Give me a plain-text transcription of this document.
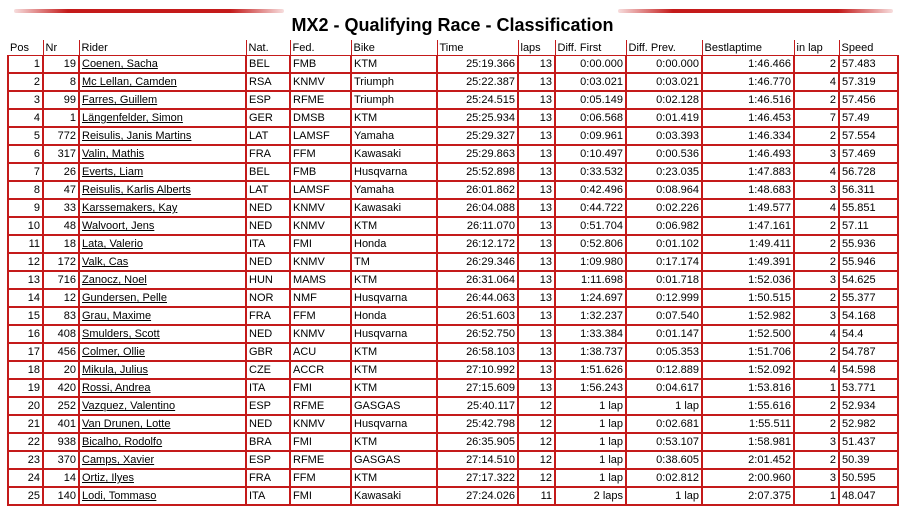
MX2 - Qualifying Race - Classification
Pos	Nr	Rider	Nat.	Fed.	Bike	Time	laps	Diff. First	Diff. Prev.	Bestlaptime	in lap	Speed
1	19	Coenen, Sacha	BEL	FMB	KTM	25:19.366	13	0:00.000	0:00.000	1:46.466	2	57.483
2	8	Mc Lellan, Camden	RSA	KNMV	Triumph	25:22.387	13	0:03.021	0:03.021	1:46.770	4	57.319
3	99	Farres, Guillem	ESP	RFME	Triumph	25:24.515	13	0:05.149	0:02.128	1:46.516	2	57.456
4	1	Längenfelder, Simon	GER	DMSB	KTM	25:25.934	13	0:06.568	0:01.419	1:46.453	7	57.49
5	772	Reisulis, Janis Martins	LAT	LAMSF	Yamaha	25:29.327	13	0:09.961	0:03.393	1:46.334	2	57.554
6	317	Valin, Mathis	FRA	FFM	Kawasaki	25:29.863	13	0:10.497	0:00.536	1:46.493	3	57.469
7	26	Everts, Liam	BEL	FMB	Husqvarna	25:52.898	13	0:33.532	0:23.035	1:47.883	4	56.728
8	47	Reisulis, Karlis Alberts	LAT	LAMSF	Yamaha	26:01.862	13	0:42.496	0:08.964	1:48.683	3	56.311
9	33	Karssemakers, Kay	NED	KNMV	Kawasaki	26:04.088	13	0:44.722	0:02.226	1:49.577	4	55.851
10	48	Walvoort, Jens	NED	KNMV	KTM	26:11.070	13	0:51.704	0:06.982	1:47.161	2	57.11
11	18	Lata, Valerio	ITA	FMI	Honda	26:12.172	13	0:52.806	0:01.102	1:49.411	2	55.936
12	172	Valk, Cas	NED	KNMV	TM	26:29.346	13	1:09.980	0:17.174	1:49.391	2	55.946
13	716	Zanocz, Noel	HUN	MAMS	KTM	26:31.064	13	1:11.698	0:01.718	1:52.036	3	54.625
14	12	Gundersen, Pelle	NOR	NMF	Husqvarna	26:44.063	13	1:24.697	0:12.999	1:50.515	2	55.377
15	83	Grau, Maxime	FRA	FFM	Honda	26:51.603	13	1:32.237	0:07.540	1:52.982	3	54.168
16	408	Smulders, Scott	NED	KNMV	Husqvarna	26:52.750	13	1:33.384	0:01.147	1:52.500	4	54.4
17	456	Colmer, Ollie	GBR	ACU	KTM	26:58.103	13	1:38.737	0:05.353	1:51.706	2	54.787
18	20	Mikula, Julius	CZE	ACCR	KTM	27:10.992	13	1:51.626	0:12.889	1:52.092	4	54.598
19	420	Rossi, Andrea	ITA	FMI	KTM	27:15.609	13	1:56.243	0:04.617	1:53.816	1	53.771
20	252	Vazquez, Valentino	ESP	RFME	GASGAS	25:40.117	12	1 lap	1 lap	1:55.616	2	52.934
21	401	Van Drunen, Lotte	NED	KNMV	Husqvarna	25:42.798	12	1 lap	0:02.681	1:55.511	2	52.982
22	938	Bicalho, Rodolfo	BRA	FMI	KTM	26:35.905	12	1 lap	0:53.107	1:58.981	3	51.437
23	370	Camps, Xavier	ESP	RFME	GASGAS	27:14.510	12	1 lap	0:38.605	2:01.452	2	50.39
24	14	Ortiz, Ilyes	FRA	FFM	KTM	27:17.322	12	1 lap	0:02.812	2:00.960	3	50.595
25	140	Lodi, Tommaso	ITA	FMI	Kawasaki	27:24.026	11	2 laps	1 lap	2:07.375	1	48.047
